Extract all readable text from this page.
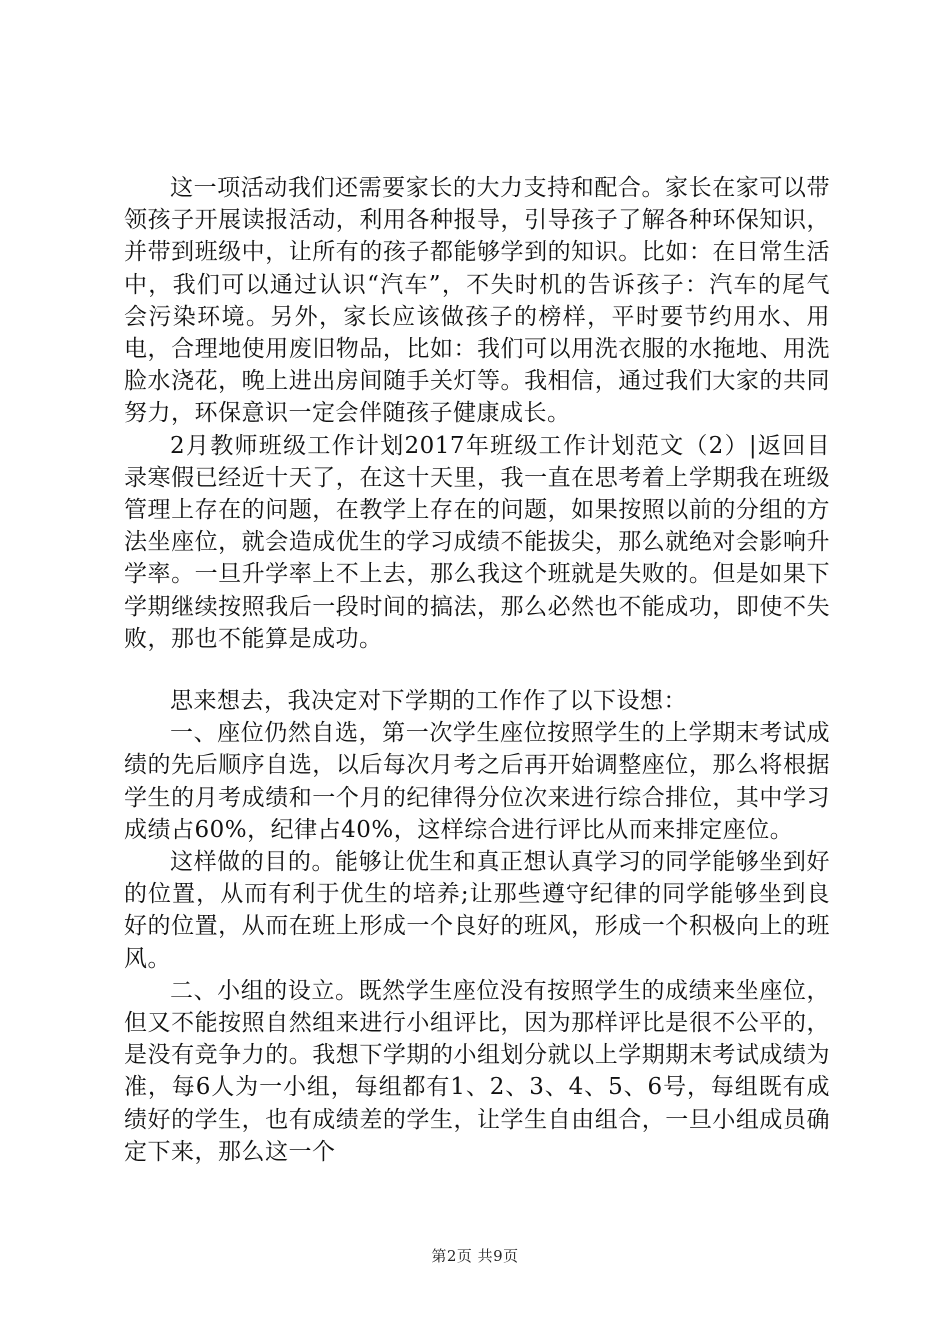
这一项活动我们还需要家长的大力支持和配合。家长在家可以带领孩子开展读报活动，利用各种报导，引导孩子了解各种环保知识，并带到班级中，让所有的孩子都能够学到的知识。比如：在日常生活中，我们可以通过认识“汽车”，不失时机的告诉孩子：汽车的尾气会污染环境。另外，家长应该做孩子的榜样，平时要节约用水、用电，合理地使用废旧物品，比如：我们可以用洗衣服的水拖地、用洗脸水浇花，晚上进出房间随手关灯等。我相信，通过我们大家的共同努力，环保意识一定会伴随孩子健康成长。

2月教师班级工作计划2017年班级工作计划范文（2）|返回目录寒假已经近十天了，在这十天里，我一直在思考着上学期我在班级管理上存在的问题，在教学上存在的问题，如果按照以前的分组的方法坐座位，就会造成优生的学习成绩不能拔尖，那么就绝对会影响升学率。一旦升学率上不上去，那么我这个班就是失败的。但是如果下学期继续按照我后一段时间的搞法，那么必然也不能成功，即使不失败，那也不能算是成功。

思来想去，我决定对下学期的工作作了以下设想：

一、座位仍然自选，第一次学生座位按照学生的上学期末考试成绩的先后顺序自选，以后每次月考之后再开始调整座位，那么将根据学生的月考成绩和一个月的纪律得分位次来进行综合排位，其中学习成绩占60%，纪律占40%，这样综合进行评比从而来排定座位。

这样做的目的。能够让优生和真正想认真学习的同学能够坐到好的位置，从而有利于优生的培养;让那些遵守纪律的同学能够坐到良好的位置，从而在班上形成一个良好的班风，形成一个积极向上的班风。

二、小组的设立。既然学生座位没有按照学生的成绩来坐座位，但又不能按照自然组来进行小组评比，因为那样评比是很不公平的，是没有竞争力的。我想下学期的小组划分就以上学期期末考试成绩为准，每6人为一小组，每组都有1、2、3、4、5、6号，每组既有成绩好的学生，也有成绩差的学生，让学生自由组合，一旦小组成员确定下来，那么这一个

第2页 共9页
